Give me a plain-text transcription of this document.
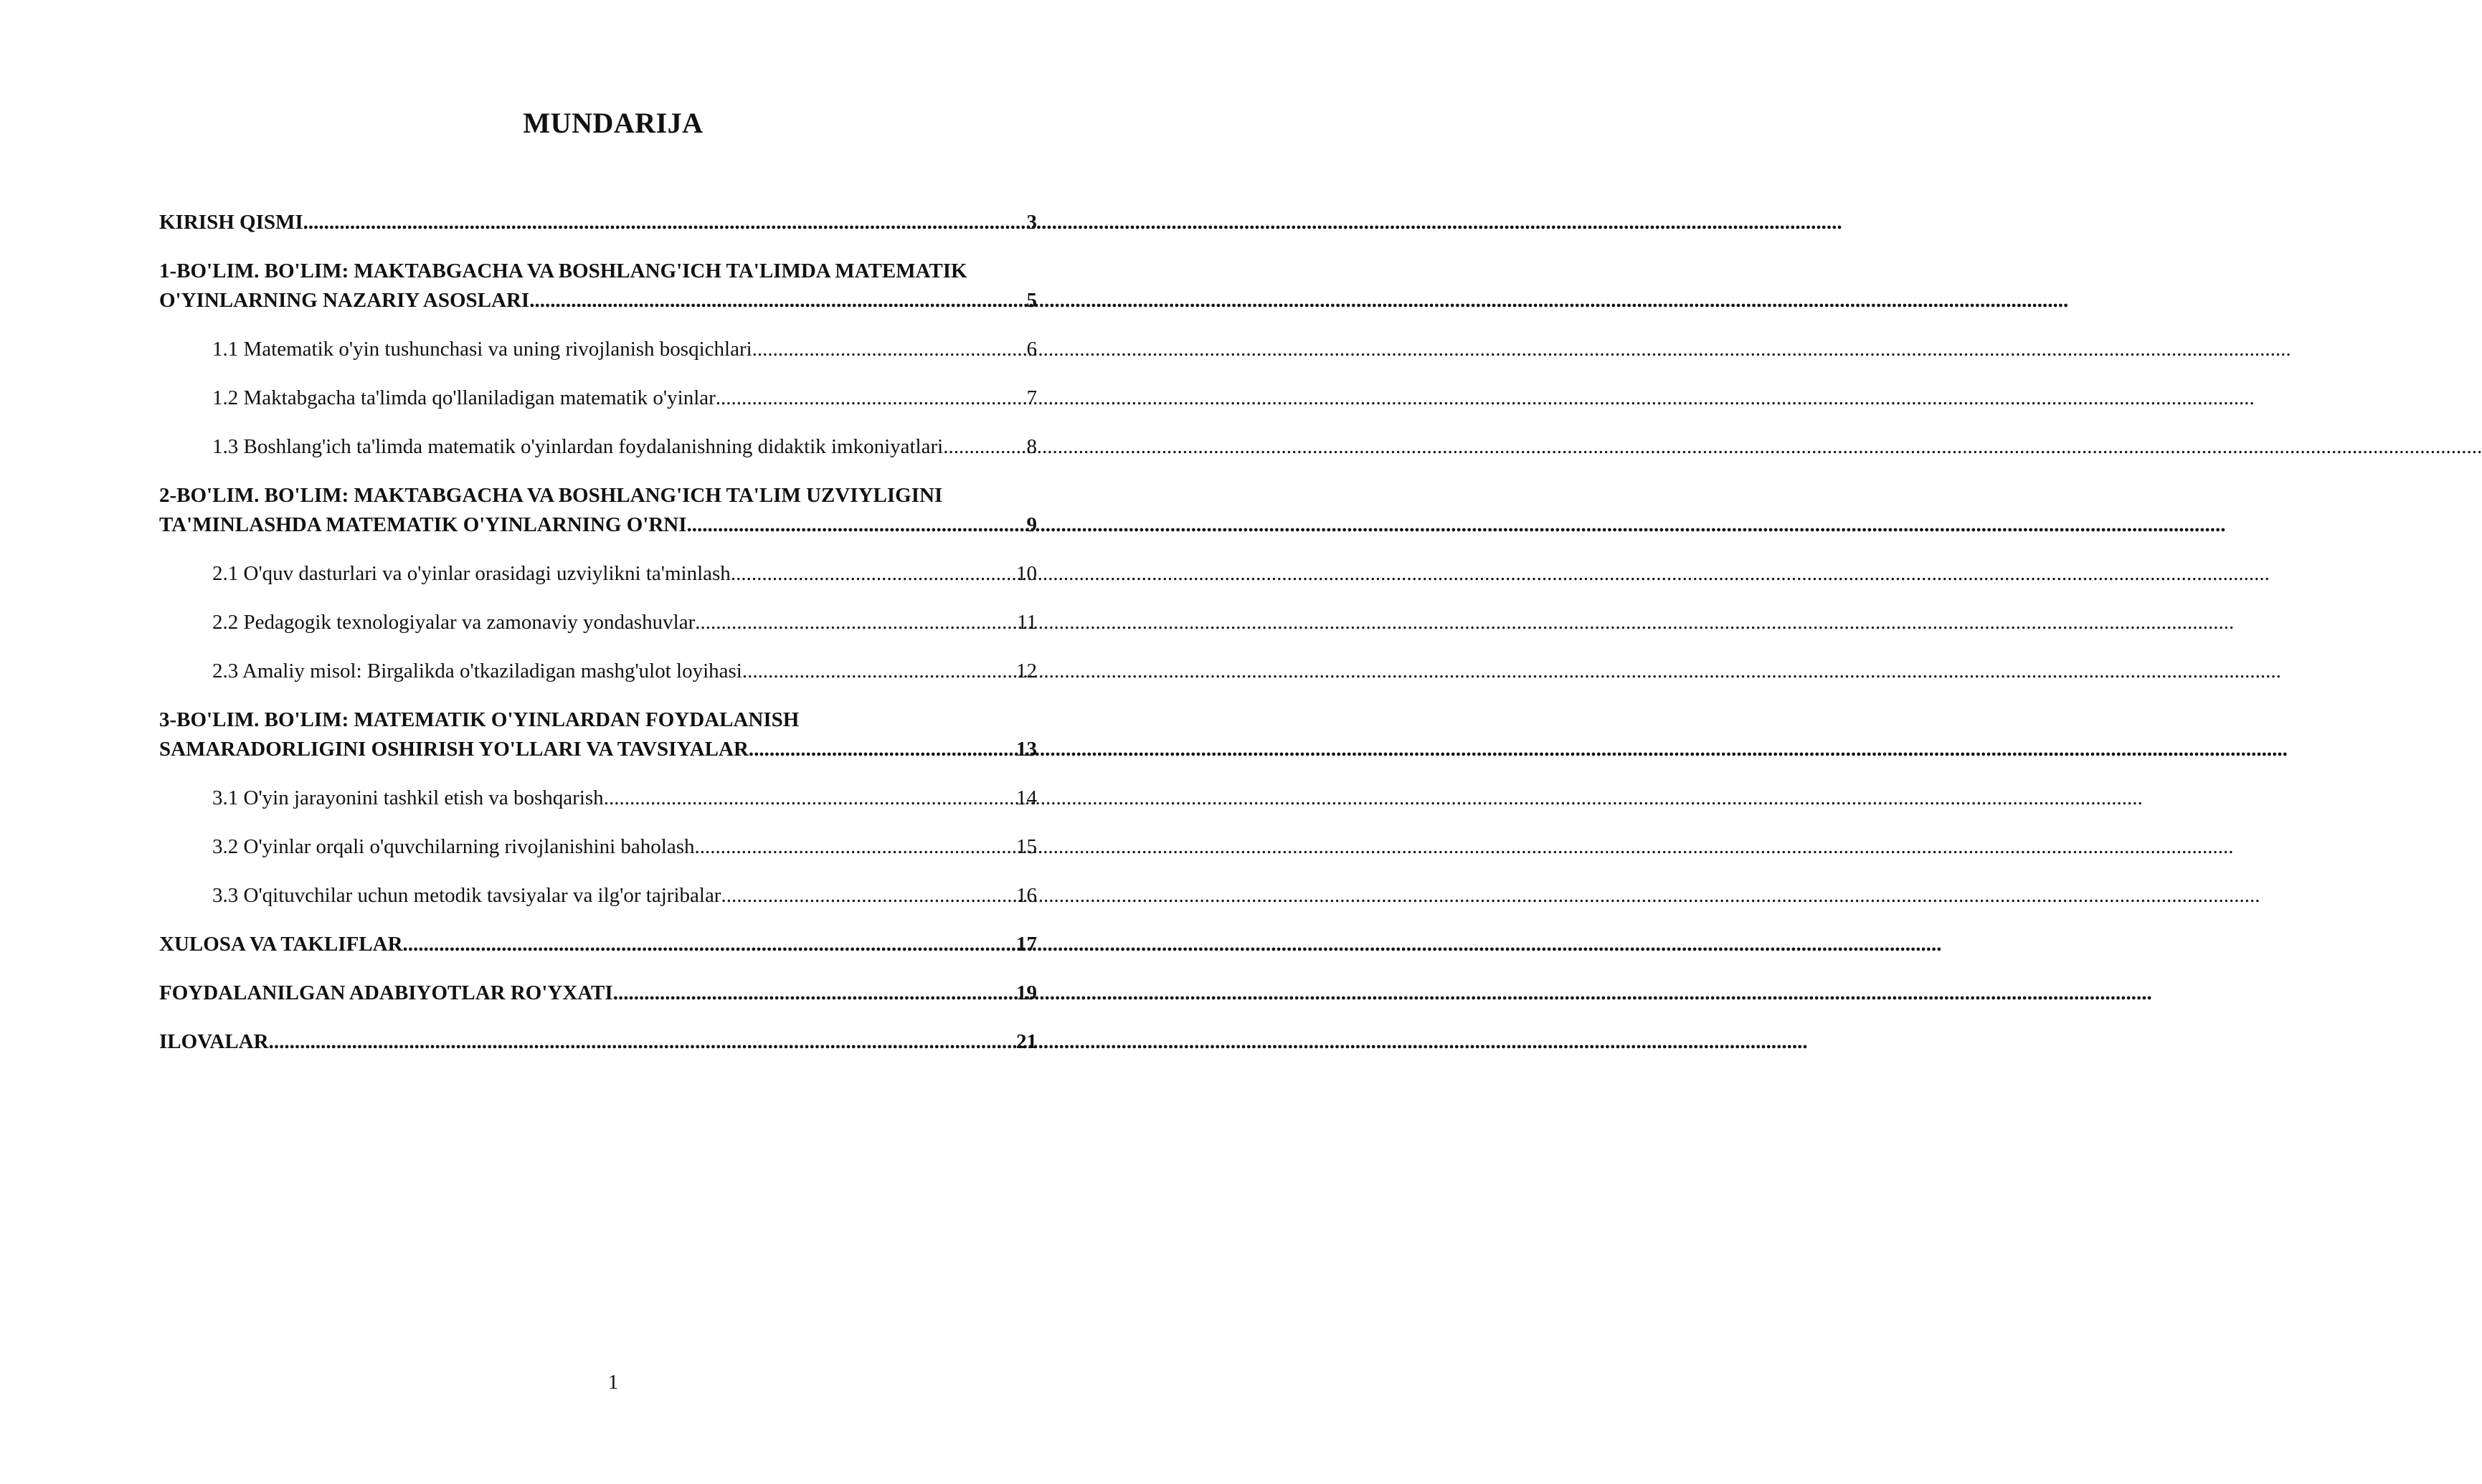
MUNDARIJA
KIRISH QISMI .....	3
1-BO'LIM. BO'LIM: MAKTABGACHA VA BOSHLANG'ICH TA'LIMDA MATEMATIK
O'YINLARNING NAZARIY ASOSLARI .....	5
1.1 Matematik o'yin tushunchasi va uning rivojlanish bosqichlari .....	6
1.2 Maktabgacha ta'limda qo'llaniladigan matematik o'yinlar .....	7
1.3 Boshlang'ich ta'limda matematik o'yinlardan foydalanishning didaktik imkoniyatlari .....	8
2-BO'LIM. BO'LIM: MAKTABGACHA VA BOSHLANG'ICH TA'LIM UZVIYLIGINI
TA'MINLASHDA MATEMATIK O'YINLARNING O'RNI .....	9
2.1 O'quv dasturlari va o'yinlar orasidagi uzviylikni ta'minlash .....	10
2.2 Pedagogik texnologiyalar va zamonaviy yondashuvlar .....	11
2.3 Amaliy misol: Birgalikda o'tkaziladigan mashg'ulot loyihasi .....	12
3-BO'LIM. BO'LIM: MATEMATIK O'YINLARDAN FOYDALANISH
SAMARADORLIGINI OSHIRISH YO'LLARI VA TAVSIYALAR .....	13
3.1 O'yin jarayonini tashkil etish va boshqarish .....	14
3.2 O'yinlar orqali o'quvchilarning rivojlanishini baholash .....	15
3.3 O'qituvchilar uchun metodik tavsiyalar va ilg'or tajribalar .....	16
XULOSA VA TAKLIFLAR .....	17
FOYDALANILGAN ADABIYOTLAR RO'YXATI .....	19
ILOVALAR .....	21
1
